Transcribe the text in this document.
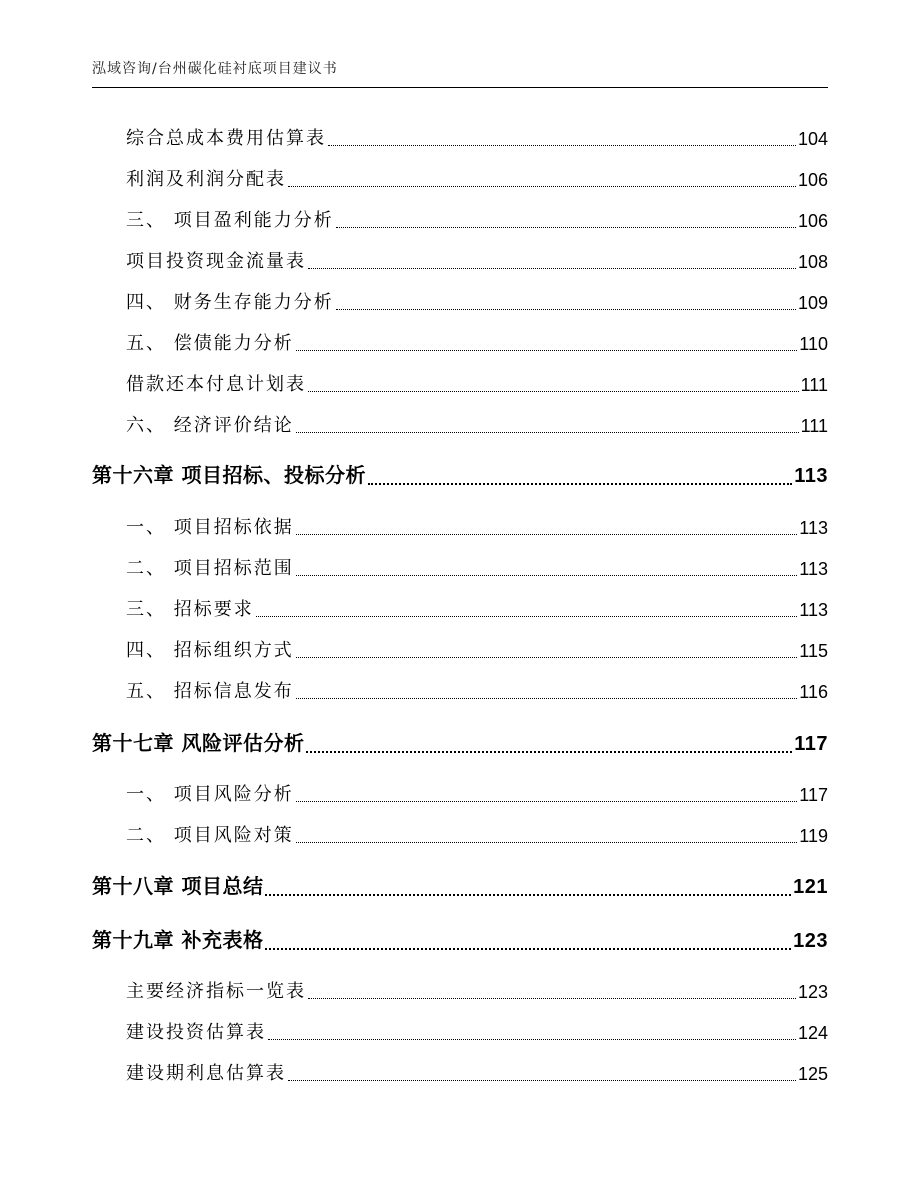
泓域咨询/台州碳化硅衬底项目建议书
综合总成本费用估算表	104
利润及利润分配表	106
三、 项目盈利能力分析	106
项目投资现金流量表	108
四、 财务生存能力分析	109
五、 偿债能力分析	110
借款还本付息计划表	111
六、 经济评价结论	111
第十六章 项目招标、投标分析	113
一、 项目招标依据	113
二、 项目招标范围	113
三、 招标要求	113
四、 招标组织方式	115
五、 招标信息发布	116
第十七章 风险评估分析	117
一、 项目风险分析	117
二、 项目风险对策	119
第十八章 项目总结	121
第十九章 补充表格	123
主要经济指标一览表	123
建设投资估算表	124
建设期利息估算表	125
